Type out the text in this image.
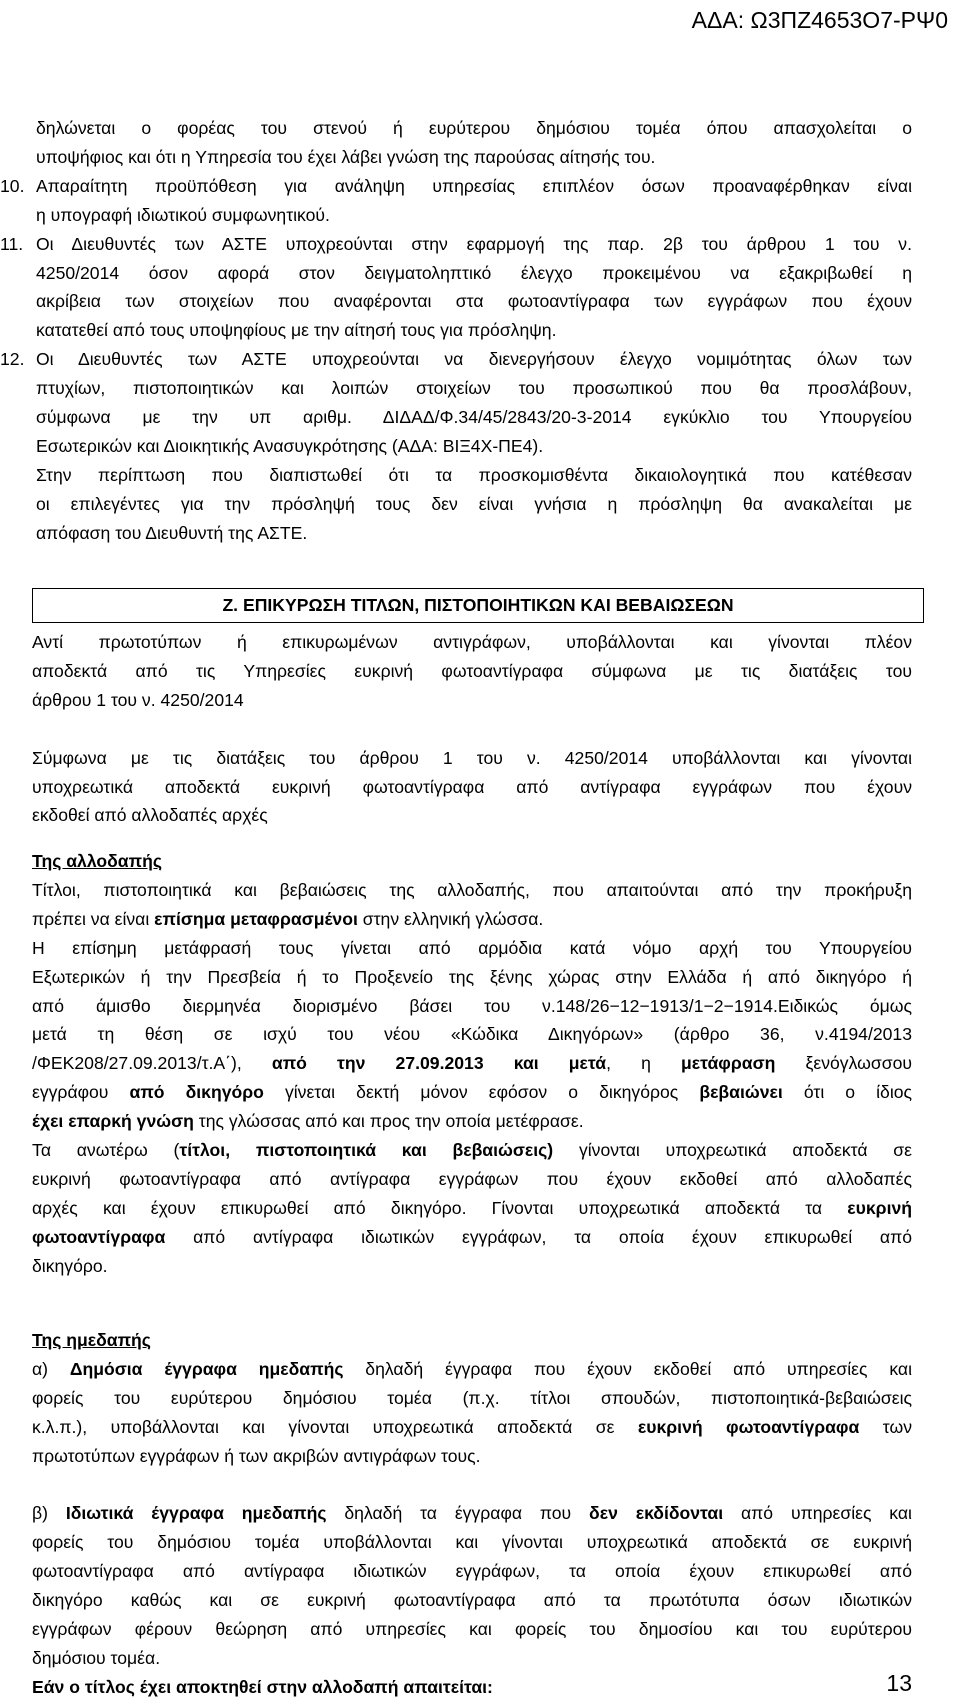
ΑΔΑ: Ω3ΠΖ4653Ο7-ΡΨ0
δηλώνεται ο φορέας του στενού ή ευρύτερου δημόσιου τομέα όπου απασχολείται ο
υποψήφιος και ότι η Υπηρεσία του έχει λάβει γνώση της παρούσας αίτησής του.
10. Απαραίτητη προϋπόθεση για ανάληψη υπηρεσίας επιπλέον όσων προαναφέρθηκαν είναι
η υπογραφή ιδιωτικού συμφωνητικού.
11. Οι Διευθυντές των ΑΣΤΕ υποχρεούνται στην εφαρμογή της παρ. 2β του άρθρου 1 του ν.
4250/2014 όσον αφορά στον δειγματοληπτικό έλεγχο προκειμένου να εξακριβωθεί η
ακρίβεια των στοιχείων που αναφέρονται στα φωτοαντίγραφα των εγγράφων που έχουν
κατατεθεί από τους υποψηφίους με την αίτησή τους για πρόσληψη.
12. Οι Διευθυντές των ΑΣΤΕ υποχρεούνται να διενεργήσουν έλεγχο νομιμότητας όλων των
πτυχίων, πιστοποιητικών και λοιπών στοιχείων του προσωπικού που θα προσλάβουν,
σύμφωνα με την υπ αριθμ. ΔΙΔΑΔ/Φ.34/45/2843/20-3-2014 εγκύκλιο του Υπουργείου
Εσωτερικών και Διοικητικής Ανασυγκρότησης (ΑΔΑ: ΒΙΞ4Χ-ΠΕ4).
Στην περίπτωση που διαπιστωθεί ότι τα προσκομισθέντα δικαιολογητικά που κατέθεσαν
οι επιλεγέντες για την πρόσληψή τους δεν είναι γνήσια η πρόσληψη θα ανακαλείται με
απόφαση του Διευθυντή της ΑΣΤΕ.
Ζ. ΕΠΙΚΥΡΩΣΗ ΤΙΤΛΩΝ, ΠΙΣΤΟΠΟΙΗΤΙΚΩΝ ΚΑΙ ΒΕΒΑΙΩΣΕΩΝ
Αντί πρωτοτύπων ή επικυρωμένων αντιγράφων, υποβάλλονται και γίνονται πλέον
αποδεκτά από τις Υπηρεσίες ευκρινή φωτοαντίγραφα σύμφωνα με τις διατάξεις του
άρθρου 1 του ν. 4250/2014
Σύμφωνα με τις διατάξεις του άρθρου 1 του ν. 4250/2014 υποβάλλονται και γίνονται
υποχρεωτικά αποδεκτά ευκρινή φωτοαντίγραφα από αντίγραφα εγγράφων που έχουν
εκδοθεί από αλλοδαπές αρχές
Της αλλοδαπής
Τίτλοι, πιστοποιητικά και βεβαιώσεις της αλλοδαπής, που απαιτούνται από την προκήρυξη
πρέπει να είναι επίσημα μεταφρασμένοι στην ελληνική γλώσσα.
Η επίσημη μετάφρασή τους γίνεται από αρμόδια κατά νόμο αρχή του Υπουργείου
Εξωτερικών ή την Πρεσβεία ή το Προξενείο της ξένης χώρας στην Ελλάδα ή από δικηγόρο ή
από άμισθο διερμηνέα διορισμένο βάσει του ν.148/26−12−1913/1−2−1914.Ειδικώς όμως
μετά τη θέση σε ισχύ του νέου «Κώδικα Δικηγόρων» (άρθρο 36, ν.4194/2013
/ΦΕΚ208/27.09.2013/τ.Α΄), από την 27.09.2013 και μετά, η μετάφραση ξενόγλωσσου
εγγράφου από δικηγόρο γίνεται δεκτή μόνον εφόσον ο δικηγόρος βεβαιώνει ότι ο ίδιος
έχει επαρκή γνώση της γλώσσας από και προς την οποία μετέφρασε.
Τα ανωτέρω (τίτλοι, πιστοποιητικά και βεβαιώσεις) γίνονται υποχρεωτικά αποδεκτά σε
ευκρινή φωτοαντίγραφα από αντίγραφα εγγράφων που έχουν εκδοθεί από αλλοδαπές
αρχές και έχουν επικυρωθεί από δικηγόρο. Γίνονται υποχρεωτικά αποδεκτά τα ευκρινή
φωτοαντίγραφα από αντίγραφα ιδιωτικών εγγράφων, τα οποία έχουν επικυρωθεί από
δικηγόρο.
Της ημεδαπής
α) Δημόσια έγγραφα ημεδαπής δηλαδή έγγραφα που έχουν εκδοθεί από υπηρεσίες και
φορείς του ευρύτερου δημόσιου τομέα (π.χ. τίτλοι σπουδών, πιστοποιητικά-βεβαιώσεις
κ.λ.π.), υποβάλλονται και γίνονται υποχρεωτικά αποδεκτά σε ευκρινή φωτοαντίγραφα των
πρωτοτύπων εγγράφων ή των ακριβών αντιγράφων τους.
β) Ιδιωτικά έγγραφα ημεδαπής δηλαδή τα έγγραφα που δεν εκδίδονται από υπηρεσίες και
φορείς του δημόσιου τομέα υποβάλλονται και γίνονται υποχρεωτικά αποδεκτά σε ευκρινή
φωτοαντίγραφα από αντίγραφα ιδιωτικών εγγράφων, τα οποία έχουν επικυρωθεί από
δικηγόρο καθώς και σε ευκρινή φωτοαντίγραφα από τα πρωτότυπα όσων ιδιωτικών
εγγράφων φέρουν θεώρηση από υπηρεσίες και φορείς του δημοσίου και του ευρύτερου
δημόσιου τομέα.
Εάν ο τίτλος έχει αποκτηθεί στην αλλοδαπή απαιτείται:	13
